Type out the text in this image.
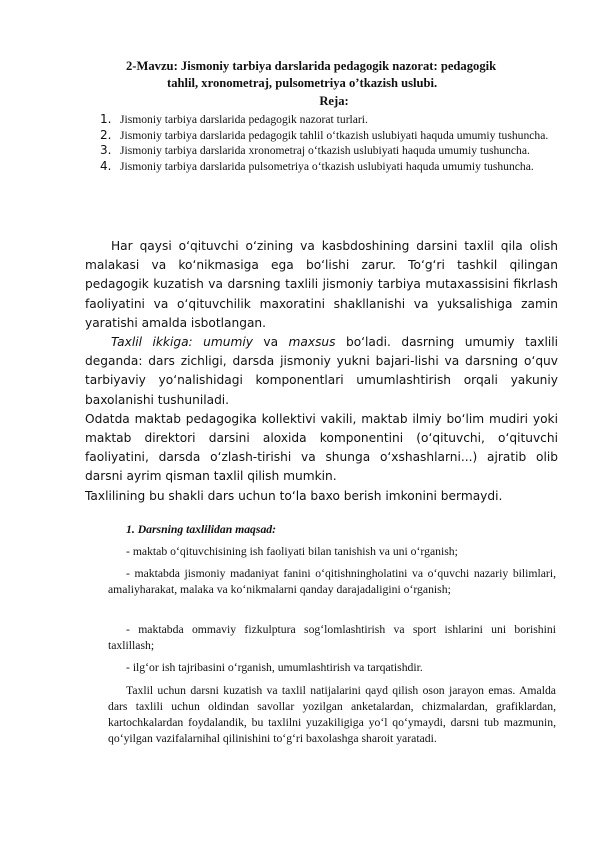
2-Mavzu: Jismoniy tarbiya darslarida pedagogik nazorat: pedagogik
tahlil, xronometraj, pulsometriya o’tkazish uslubi.
Reja:
1. Jismoniy tarbiya darslarida pedagogik nazorat turlari.
2. Jismoniy tarbiya darslarida pedagogik tahlil o‘tkazish uslubiyati haquda umumiy tushuncha.
3. Jismoniy tarbiya darslarida xronometraj o‘tkazish uslubiyati haquda umumiy tushuncha.
4. Jismoniy tarbiya darslarida pulsometriya o‘tkazish uslubiyati haquda umumiy tushuncha.

Har qaysi o‘qituvchi o‘zining va kasbdoshining darsini taxlil qila olish malakasi va ko‘nikmasiga ega bo‘lishi zarur. To‘g‘ri tashkil qilingan pedagogik kuzatish va darsning taxlili jismoniy tarbiya mutaxassisini fikrlash faoliyatini va o‘qituvchilik maxoratini shakllanishi va yuksalishiga zamin yaratishi amalda isbotlangan.

Taxlil ikkiga: umumiy va maxsus bo‘ladi. dasrning umumiy taxlili deganda: dars zichligi, darsda jismoniy yukni bajari-lishi va darsning o‘quv tarbiyaviy yo‘nalishidagi komponentlari umumlashtirish orqali yakuniy baxolanishi tushuniladi.

Odatda maktab pedagogika kollektivi vakili, maktab ilmiy bo‘lim mudiri yoki maktab direktori darsini aloxida komponentini (o‘qituvchi, o‘qituvchi faoliyatini, darsda o‘zlash-tirishi va shunga o‘xshashlarni...) ajratib olib darsni ayrim qisman taxlil qilish mumkin.

Taxlilining bu shakli dars uchun to‘la baxo berish imkonini bermaydi.

1. Darsning taxlilidan maqsad:

- maktab o‘qituvchisining ish faoliyati bilan tanishish va uni o‘rganish;

- maktabda jismoniy madaniyat fanini o‘qitishningholatini va o‘quvchi nazariy bilimlari, amaliyharakat, malaka va ko‘nikmalarni qanday darajadaligini o‘rganish;

- maktabda ommaviy fizkulptura sog‘lomlashtirish va sport ishlarini uni borishini taxlillash;

- ilg‘or ish tajribasini o‘rganish, umumlashtirish va tarqatishdir.

Taxlil uchun darsni kuzatish va taxlil natijalarini qayd qilish oson jarayon emas. Amalda dars taxlili uchun oldindan savollar yozilgan anketalardan, chizmalardan, grafiklardan, kartochkalardan foydalandik, bu taxlilni yuzakiligiga yo‘l qo‘ymaydi, darsni tub mazmunin, qo‘yilgan vazifalarnihal qilinishini to‘g‘ri baxolashga sharoit yaratadi.
